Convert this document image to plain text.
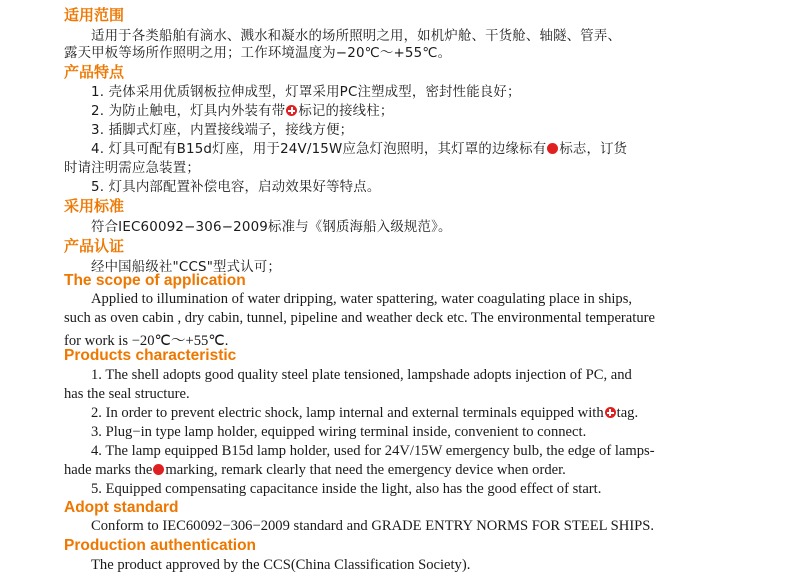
适用范围
适用于各类船舶有滴水、溅水和凝水的场所照明之用，如机炉舱、干货舱、轴隧、管弄、
露天甲板等场所作照明之用；工作环境温度为−20℃～+55℃。
产品特点
1. 壳体采用优质钢板拉伸成型，灯罩采用PC注塑成型，密封性能良好；
2. 为防止触电，灯具内外装有带 标记的接线柱；
3. 插脚式灯座，内置接线端子，接线方便；
4. 灯具可配有B15d灯座，用于24V/15W应急灯泡照明，其灯罩的边缘标有 标志，订货
时请注明需应急装置；
5. 灯具内部配置补偿电容，启动效果好等特点。
采用标准
符合IEC60092−306−2009标准与《钢质海船入级规范》。
产品认证
经中国船级社"CCS"型式认可；
The scope of application
Applied to illumination of water dripping, water spattering, water coagulating place in ships,
such as oven cabin , dry cabin, tunnel, pipeline and weather deck etc. The environmental temperature
for work is −20℃～+55℃.
Products characteristic
1. The shell adopts good quality steel plate tensioned, lampshade adopts injection of PC, and
has the seal structure.
2. In order to prevent electric shock, lamp internal and external terminals equipped with tag.
3. Plug−in type lamp holder, equipped wiring terminal inside, convenient to connect.
4. The lamp equipped B15d lamp holder, used for 24V/15W emergency bulb, the edge of lamps-
hade marks the marking, remark clearly that need the emergency device when order.
5. Equipped compensating capacitance inside the light, also has the good effect of start.
Adopt standard
Conform to IEC60092−306−2009 standard and GRADE ENTRY NORMS FOR STEEL SHIPS.
Production authentication
The product approved by the CCS(China Classification Society).
